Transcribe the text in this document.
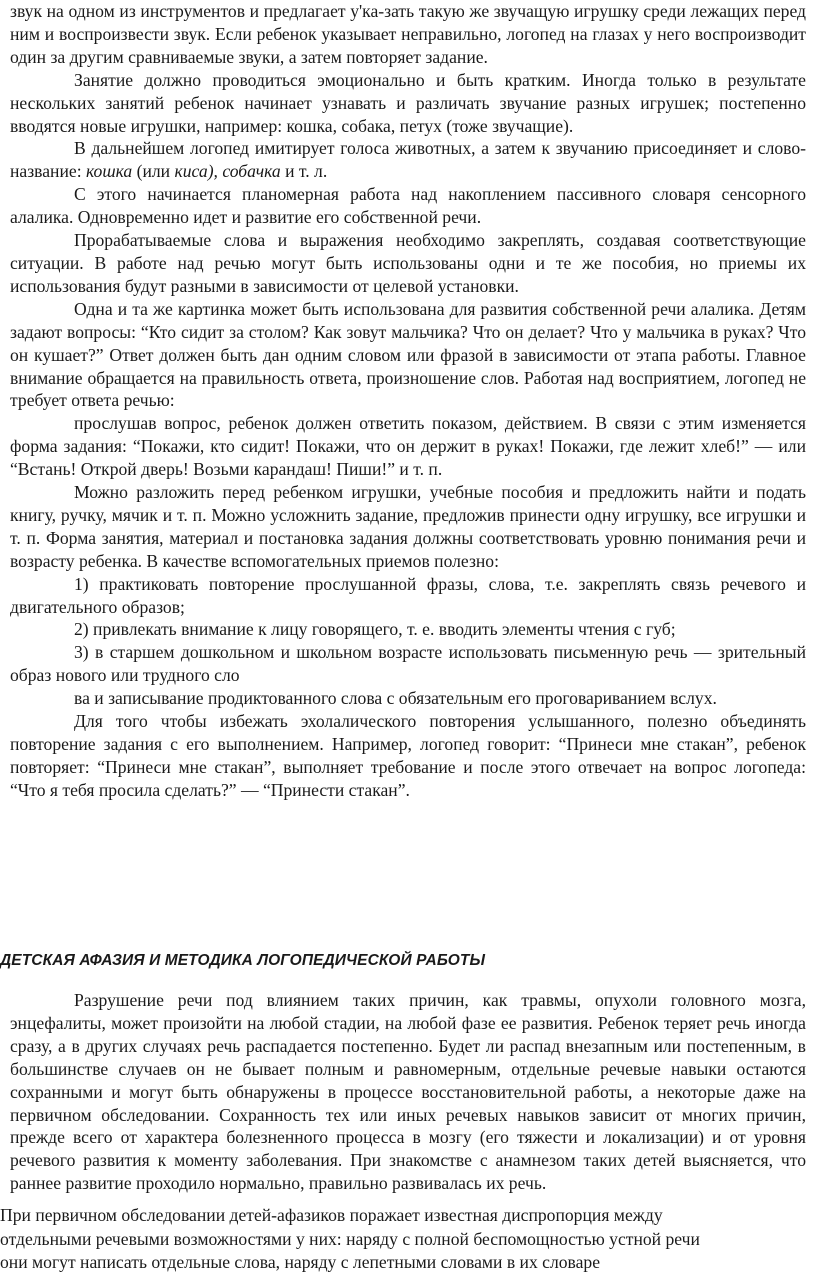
звук на одном из инструментов и предлагает у'ка-зать такую же звучащую игрушку среди лежащих перед ним и воспроизвести звук. Если ребенок указывает неправильно, логопед на глазах у него воспроизводит один за другим сравниваемые звуки, а затем повторяет задание.

Занятие должно проводиться эмоционально и быть кратким. Иногда только в результате нескольких занятий ребенок начинает узнавать и различать звучание разных игрушек; постепенно вводятся новые игрушки, например: кошка, собака, петух (тоже звучащие).

В дальнейшем логопед имитирует голоса животных, а затем к звучанию присоединяет и слово-название: кошка (или киса), собачка и т. л.

С этого начинается планомерная работа над накоплением пассивного словаря сенсорного алалика. Одновременно идет и развитие его собственной речи.

Прорабатываемые слова и выражения необходимо закреплять, создавая соответствующие ситуации. В работе над речью могут быть использованы одни и те же пособия, но приемы их использования будут разными в зависимости от целевой установки.

Одна и та же картинка может быть использована для развития собственной речи алалика. Детям задают вопросы: “Кто сидит за столом? Как зовут мальчика? Что он делает? Что у мальчика в руках? Что он кушает?” Ответ должен быть дан одним словом или фразой в зависимости от этапа работы. Главное внимание обращается на правильность ответа, произношение слов. Работая над восприятием, логопед не требует ответа речью:

прослушав вопрос, ребенок должен ответить показом, действием. В связи с этим изменяется форма задания: “Покажи, кто сидит! Покажи, что он держит в руках! Покажи, где лежит хлеб!” — или “Встань! Открой дверь! Возьми карандаш! Пиши!” и т. п.

Можно разложить перед ребенком игрушки, учебные пособия и предложить найти и подать книгу, ручку, мячик и т. п. Можно усложнить задание, предложив принести одну игрушку, все игрушки и т. п. Форма занятия, материал и постановка задания должны соответствовать уровню понимания речи и возрасту ребенка. В качестве вспомогательных приемов полезно:

1) практиковать повторение прослушанной фразы, слова, т.е. закреплять связь речевого и двигательного образов;

2) привлекать внимание к лицу говорящего, т. е. вводить элементы чтения с губ;

3) в старшем дошкольном и школьном возрасте использовать письменную речь — зрительный образ нового или трудного сло

ва и записывание продиктованного слова с обязательным его проговариванием вслух.

Для того чтобы избежать эхолалического повторения услышанного, полезно объединять повторение задания с его выполнением. Например, логопед говорит: “Принеси мне стакан”, ребенок повторяет: “Принеси мне стакан”, выполняет требование и после этого отвечает на вопрос логопеда: “Что я тебя просила сделать?” — “Принести стакан”.

ДЕТСКАЯ АФАЗИЯ И МЕТОДИКА ЛОГОПЕДИЧЕСКОЙ РАБОТЫ

Разрушение речи под влиянием таких причин, как травмы, опухоли головного мозга, энцефалиты, может произойти на любой стадии, на любой фазе ее развития. Ребенок теряет речь иногда сразу, а в других случаях речь распадается постепенно. Будет ли распад внезапным или постепенным, в большинстве случаев он не бывает полным и равномерным, отдельные речевые навыки остаются сохранными и могут быть обнаружены в процессе восстановительной работы, а некоторые даже на первичном обследовании. Сохранность тех или иных речевых навыков зависит от многих причин, прежде всего от характера болезненного процесса в мозгу (его тяжести и локализации) и от уровня речевого развития к моменту заболевания. При знакомстве с анамнезом таких детей выясняется, что раннее развитие проходило нормально, правильно развивалась их речь.

При первичном обследовании детей-афазиков поражает известная диспропорция между

отдельными речевыми возможностями у них: наряду с полной беспомощностью устной речи

они могут написать отдельные слова, наряду с лепетными словами в их словаре
